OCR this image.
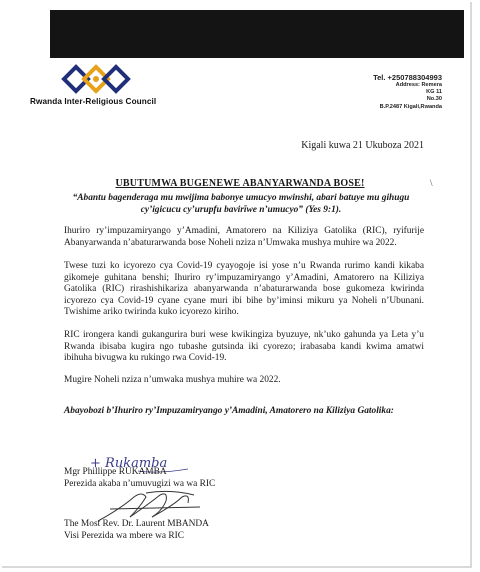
Rwanda Inter-Religious Council
Tel. +250788304993
Address: Remera
KG 11
No.30
B.P.2487 Kigali,Rwanda
Kigali kuwa 21 Ukuboza 2021
\
UBUTUMWA BUGENEWE ABANYARWANDA BOSE!
“Abantu bagenderaga mu mwijima babonye umucyo mwinshi, abari batuye mu gihugu cy’igicucu cy’urupfu bavirīwe n’umucyo” (Yes 9:1).
Ihuriro ry’impuzamiryango y’Amadini, Amatorero na Kiliziya Gatolika (RIC), ryifurije Abanyarwanda n’abaturarwanda bose Noheli nziza n’Umwaka mushya muhire wa 2022.
Twese tuzi ko icyorezo cya Covid-19 cyayogoje isi yose n’u Rwanda rurimo kandi kikaba gikomeje guhitana benshi; Ihuriro ry’impuzamiryango y’Amadini, Amatorero na Kiliziya Gatolika (RIC) rirashishikariza abanyarwanda n’abaturarwanda bose gukomeza kwirinda icyorezo cya Covid-19 cyane cyane muri ibi bihe by’iminsi mikuru ya Noheli n’Ubunani. Twishime ariko twirinda kuko icyorezo kiriho.
RIC irongera kandi gukangurira buri wese kwikingiza byuzuye, nk’uko gahunda ya Leta y’u Rwanda ibisaba kugira ngo tubashe gutsinda iki cyorezo; irabasaba kandi kwima amatwi ibihuha bivugwa ku rukingo rwa Covid-19.
Mugire Noheli nziza n’umwaka mushya muhire wa 2022.
Abayobozi b’Ihuriro ry’Impuzamiryango y’Amadini, Amatorero na Kiliziya Gatolika:
+ Rukamba
Mgr Phillippe RUKAMBA
Perezida akaba n’umuvugizi wa wa RIC
The Most Rev. Dr. Laurent MBANDA
Visi Perezida wa mbere wa RIC
